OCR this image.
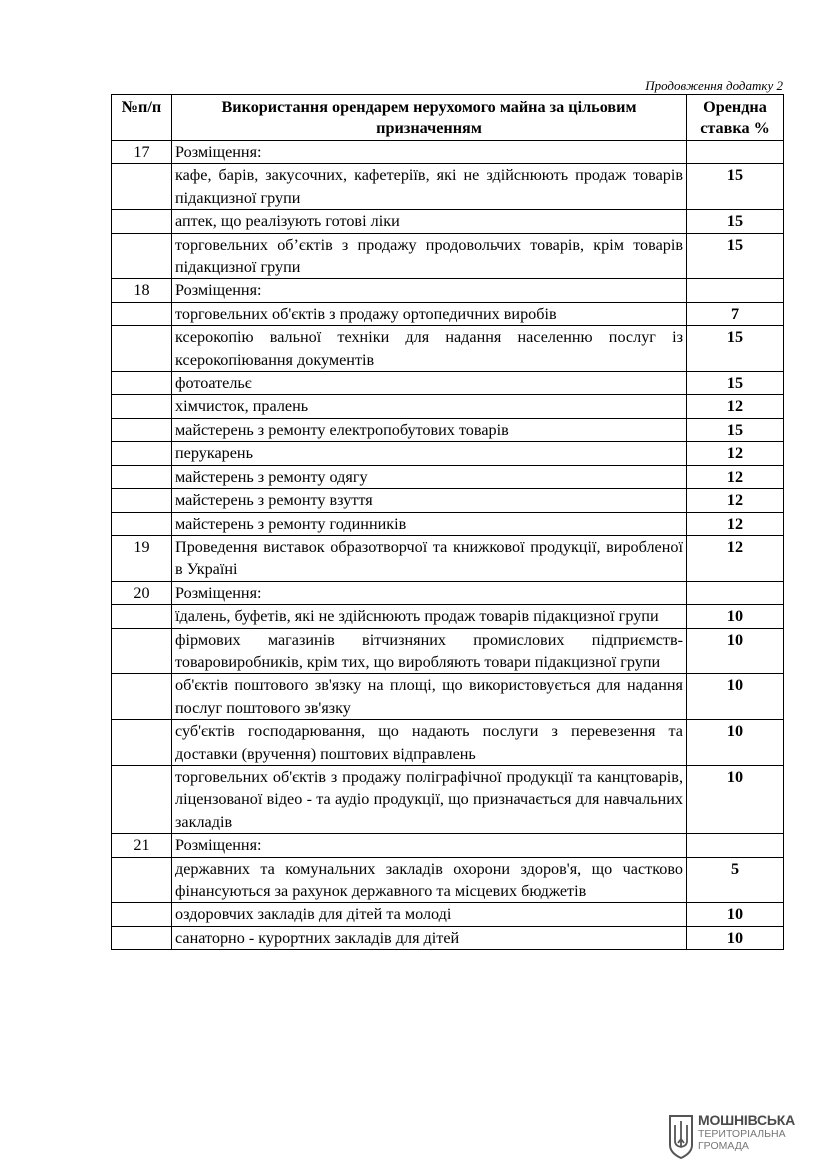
Продовження додатку 2
№п/п	Використання орендарем нерухомого майна за цільовим призначенням	Орендна ставка %
17	Розміщення:	
	кафе, барів, закусочних, кафетеріїв, які не здійснюють продаж товарів підакцизної групи	15
	аптек, що реалізують готові ліки	15
	торговельних об’єктів з продажу продовольчих товарів, крім товарів підакцизної групи	15
18	Розміщення:	
	торговельних об'єктів з продажу ортопедичних виробів	7
	ксерокопію вальної техніки для надання населенню послуг із ксерокопіювання документів	15
	фотоательє	15
	хімчисток, пралень	12
	майстерень з ремонту електропобутових товарів	15
	перукарень	12
	майстерень з ремонту одягу	12
	майстерень з ремонту взуття	12
	майстерень з ремонту годинників	12
19	Проведення виставок образотворчої та книжкової продукції, виробленої в Україні	12
20	Розміщення:	
	їдалень, буфетів, які не здійснюють продаж товарів підакцизної групи	10
	фірмових магазинів вітчизняних промислових підприємств-товаровиробників, крім тих, що виробляють товари підакцизної групи	10
	об'єктів поштового зв'язку на площі, що використовується для надання послуг поштового зв'язку	10
	суб'єктів господарювання, що надають послуги з перевезення та доставки (вручення) поштових відправлень	10
	торговельних об'єктів з продажу поліграфічної продукції та канцтоварів, ліцензованої відео - та аудіо продукції, що призначається для навчальних закладів	10
21	Розміщення:	
	державних та комунальних закладів охорони здоров'я, що частково фінансуються за рахунок державного та місцевих бюджетів	5
	оздоровчих закладів для дітей та молоді	10
	санаторно - курортних закладів для дітей	10
МОШНІВСЬКА
ТЕРИТОРІАЛЬНА
ГРОМАДА
